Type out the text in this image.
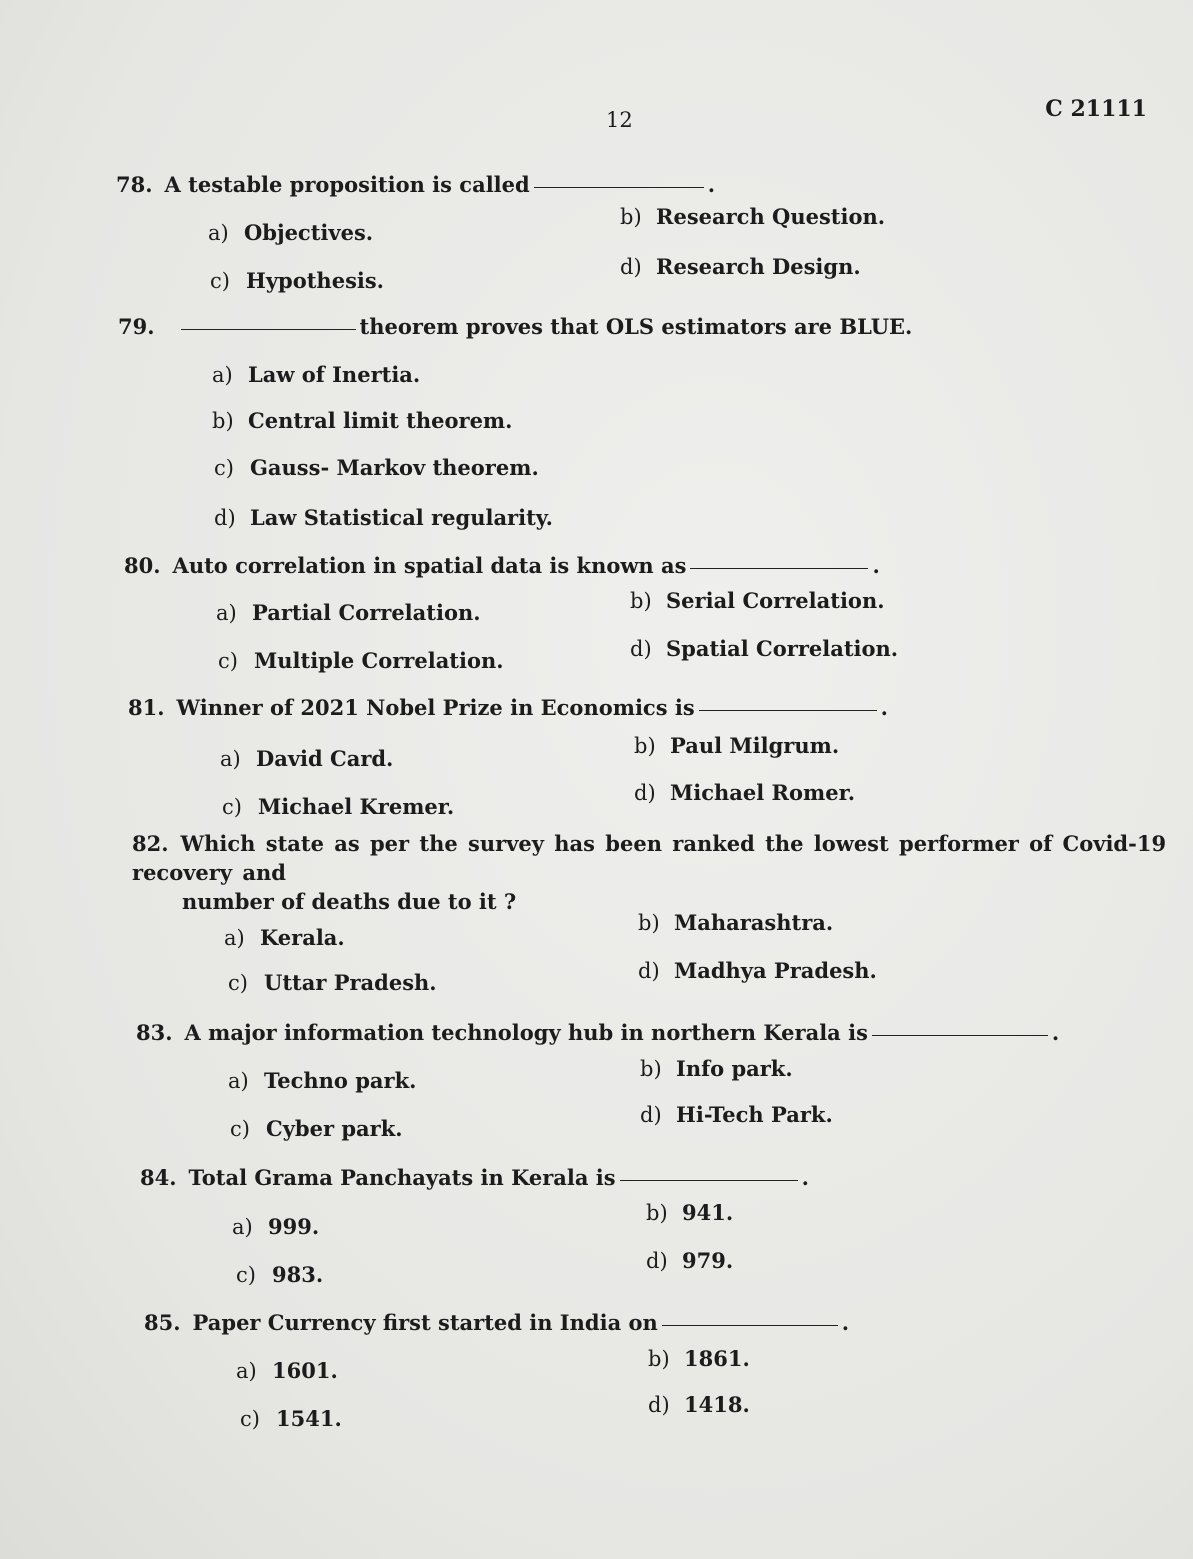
12	C 21111
78. A testable proposition is called	.
a) Objectives.
b) Research Question.
c) Hypothesis.
d) Research Design.
79.	theorem proves that OLS estimators are BLUE.
a) Law of Inertia.
b) Central limit theorem.
c) Gauss- Markov theorem.
d) Law Statistical regularity.
80. Auto correlation in spatial data is known as	.
a) Partial Correlation.	b) Serial Correlation.
c) Multiple Correlation.	d) Spatial Correlation.
81. Winner of 2021 Nobel Prize in Economics is	.
a) David Card.	b) Paul Milgrum.
c) Michael Kremer.
d) Michael Romer.
82. Which state as per the survey has been ranked the lowest performer of Covid-19 recovery and
number of deaths due to it ?
a) Kerala.
b) Maharashtra.
c) Uttar Pradesh.	d) Madhya Pradesh.
83. A major information technology hub in northern Kerala is	.
a) Techno park.	b) Info park.
c) Cyber park.
d) Hi-Tech Park.
84. Total Grama Panchayats in Kerala is	.
a) 999.
b) 941.
c) 983.
d) 979.
85. Paper Currency first started in India on	.
a) 1601.	b) 1861.
c) 1541.
d) 1418.
